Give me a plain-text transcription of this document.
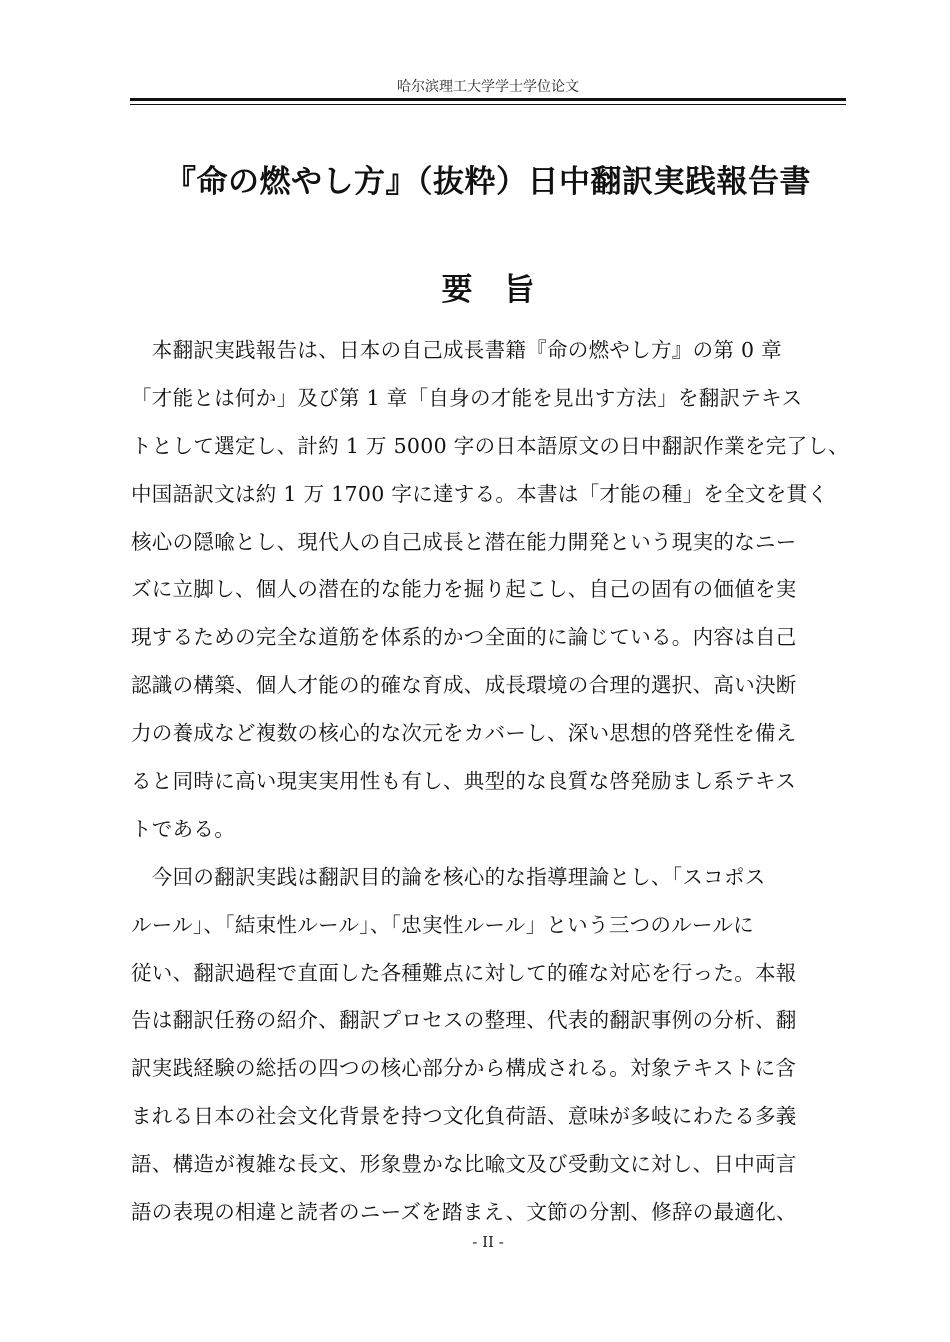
哈尔滨理工大学学士学位论文
『命の燃やし方』（抜粋）日中翻訳実践報告書
要　旨
　本翻訳実践報告は、日本の自己成長書籍『命の燃やし方』の第 0 章
「才能とは何か」及び第 1 章「自身の才能を見出す方法」を翻訳テキス
トとして選定し、計約 1 万 5000 字の日本語原文の日中翻訳作業を完了し、
中国語訳文は約 1 万 1700 字に達する。本書は「才能の種」を全文を貫く
核心の隠喩とし、現代人の自己成長と潜在能力開発という現実的なニー
ズに立脚し、個人の潜在的な能力を掘り起こし、自己の固有の価値を実
現するための完全な道筋を体系的かつ全面的に論じている。内容は自己
認識の構築、個人才能の的確な育成、成長環境の合理的選択、高い決断
力の養成など複数の核心的な次元をカバーし、深い思想的啓発性を備え
ると同時に高い現実実用性も有し、典型的な良質な啓発励まし系テキス
トである。
　今回の翻訳実践は翻訳目的論を核心的な指導理論とし、「スコポス
ルール」、「結束性ルール」、「忠実性ルール」という三つのルールに
従い、翻訳過程で直面した各種難点に対して的確な対応を行った。本報
告は翻訳任務の紹介、翻訳プロセスの整理、代表的翻訳事例の分析、翻
訳実践経験の総括の四つの核心部分から構成される。対象テキストに含
まれる日本の社会文化背景を持つ文化負荷語、意味が多岐にわたる多義
語、構造が複雑な長文、形象豊かな比喩文及び受動文に対し、日中両言
語の表現の相違と読者のニーズを踏まえ、文節の分割、修辞の最適化、
- II -
